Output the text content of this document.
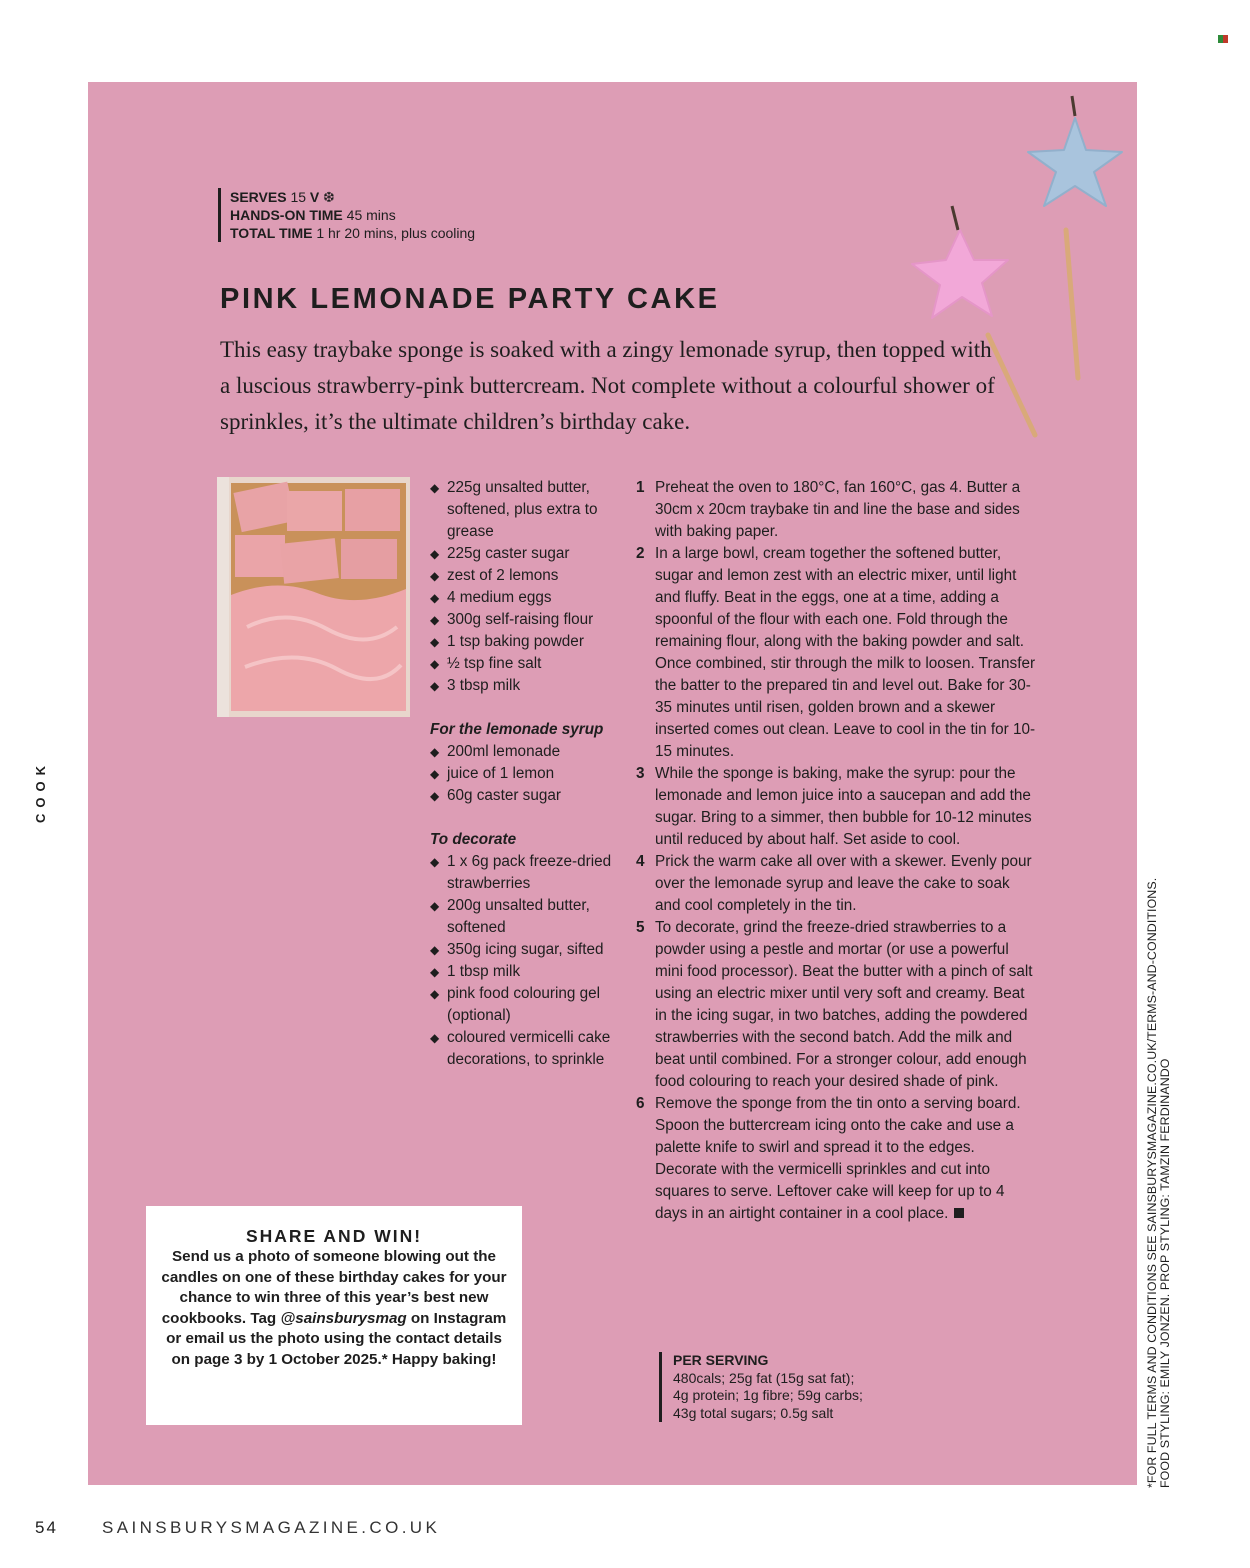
SERVES 15 V ❆
HANDS-ON TIME 45 mins
TOTAL TIME 1 hr 20 mins, plus cooling
PINK LEMONADE PARTY CAKE

This easy traybake sponge is soaked with a zingy lemonade syrup, then topped with a luscious strawberry-pink buttercream. Not complete without a colourful shower of sprinkles, it’s the ultimate children’s birthday cake.

◆ 225g unsalted butter, softened, plus extra to grease
◆ 225g caster sugar
◆ zest of 2 lemons
◆ 4 medium eggs
◆ 300g self-raising flour
◆ 1 tsp baking powder
◆ ½ tsp fine salt
◆ 3 tbsp milk
For the lemonade syrup
◆ 200ml lemonade
◆ juice of 1 lemon
◆ 60g caster sugar
To decorate
◆ 1 x 6g pack freeze-dried strawberries
◆ 200g unsalted butter, softened
◆ 350g icing sugar, sifted
◆ 1 tbsp milk
◆ pink food colouring gel (optional)
◆ coloured vermicelli cake decorations, to sprinkle
1 Preheat the oven to 180°C, fan 160°C, gas 4. Butter a 30cm x 20cm traybake tin and line the base and sides with baking paper.
2 In a large bowl, cream together the softened butter, sugar and lemon zest with an electric mixer, until light and fluffy. Beat in the eggs, one at a time, adding a spoonful of the flour with each one. Fold through the remaining flour, along with the baking powder and salt. Once combined, stir through the milk to loosen. Transfer the batter to the prepared tin and level out. Bake for 30-35 minutes until risen, golden brown and a skewer inserted comes out clean. Leave to cool in the tin for 10-15 minutes.
3 While the sponge is baking, make the syrup: pour the lemonade and lemon juice into a saucepan and add the sugar. Bring to a simmer, then bubble for 10-12 minutes until reduced by about half. Set aside to cool.
4 Prick the warm cake all over with a skewer. Evenly pour over the lemonade syrup and leave the cake to soak and cool completely in the tin.
5 To decorate, grind the freeze-dried strawberries to a powder using a pestle and mortar (or use a powerful mini food processor). Beat the butter with a pinch of salt using an electric mixer until very soft and creamy. Beat in the icing sugar, in two batches, adding the powdered strawberries with the second batch. Add the milk and beat until combined. For a stronger colour, add enough food colouring to reach your desired shade of pink.
6 Remove the sponge from the tin onto a serving board. Spoon the buttercream icing onto the cake and use a palette knife to swirl and spread it to the edges. Decorate with the vermicelli sprinkles and cut into squares to serve. Leftover cake will keep for up to 4 days in an airtight container in a cool place.
SHARE AND WIN!

Send us a photo of someone blowing out the candles on one of these birthday cakes for your chance to win three of this year’s best new cookbooks. Tag @sainsburysmag on Instagram or email us the photo using the contact details on page 3 by 1 October 2025.* Happy baking!	PER SERVING
480cals; 25g fat (15g sat fat);
4g protein; 1g fibre; 59g carbs;
43g total sugars; 0.5g salt
COOK
*FOR FULL TERMS AND CONDITIONS SEE SAINSBURYSMAGAZINE.CO.UK/TERMS-AND-CONDITIONS. FOOD STYLING: EMILY JONZEN. PROP STYLING: TAMZIN FERDINANDO
54	SAINSBURYSMAGAZINE.CO.UK
